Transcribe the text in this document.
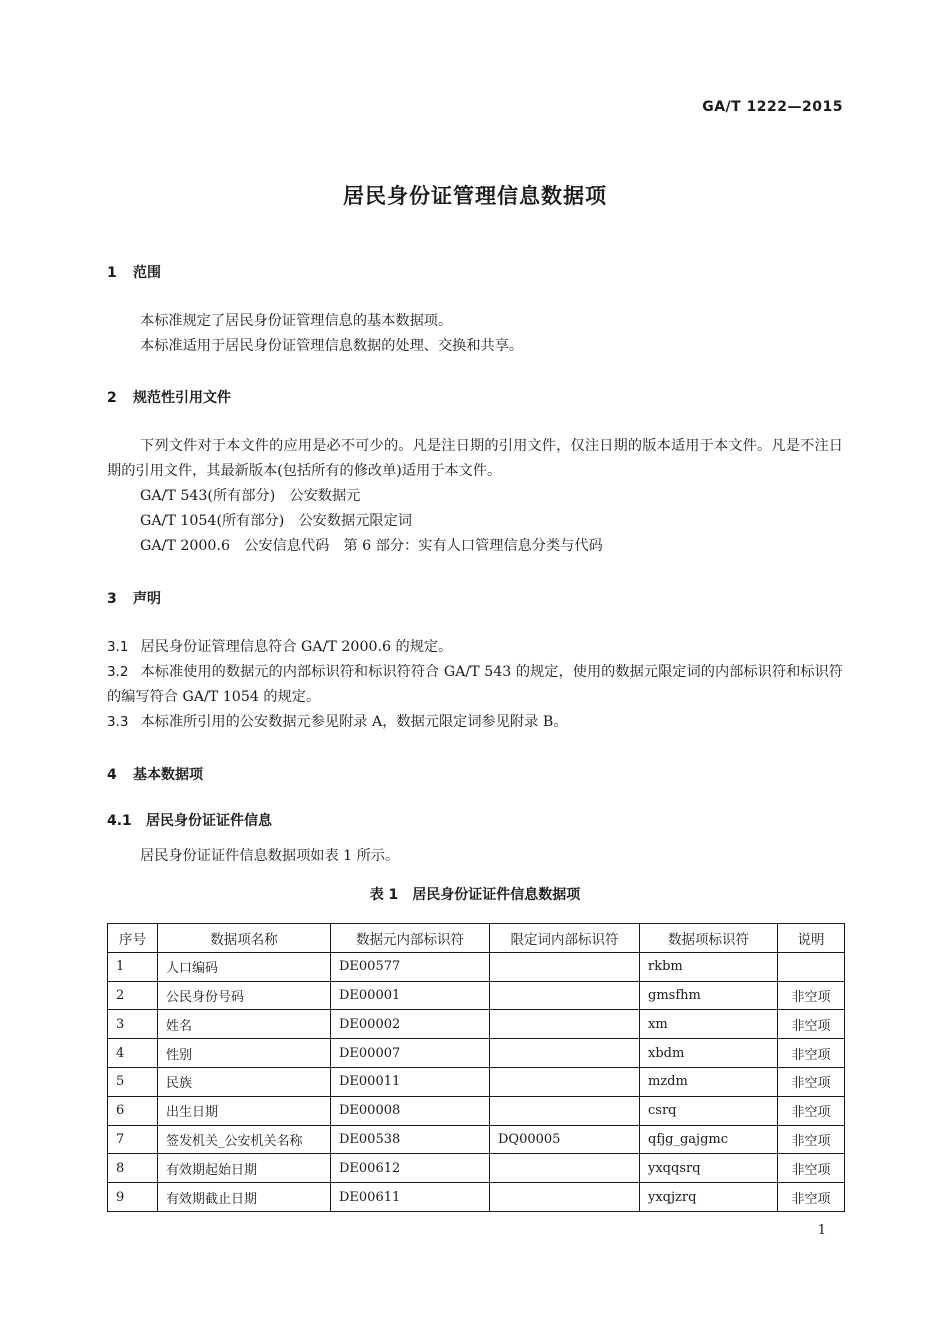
GA/T 1222—2015
居民身份证管理信息数据项
1 范围
本标准规定了居民身份证管理信息的基本数据项。
本标准适用于居民身份证管理信息数据的处理、交换和共享。
2 规范性引用文件
下列文件对于本文件的应用是必不可少的。凡是注日期的引用文件，仅注日期的版本适用于本文件。凡是不注日期的引用文件，其最新版本(包括所有的修改单)适用于本文件。
GA/T 543(所有部分)　公安数据元
GA/T 1054(所有部分)　公安数据元限定词
GA/T 2000.6　公安信息代码　第 6 部分：实有人口管理信息分类与代码
3 声明
3.1 居民身份证管理信息符合 GA/T 2000.6 的规定。
3.2 本标准使用的数据元的内部标识符和标识符符合 GA/T 543 的规定，使用的数据元限定词的内部标识符和标识符的编写符合 GA/T 1054 的规定。
3.3 本标准所引用的公安数据元参见附录 A，数据元限定词参见附录 B。
4 基本数据项
4.1 居民身份证证件信息
居民身份证证件信息数据项如表 1 所示。
表 1 居民身份证证件信息数据项
序号	数据项名称	数据元内部标识符	限定词内部标识符	数据项标识符	说明
1	人口编码	DE00577		rkbm	
2	公民身份号码	DE00001		gmsfhm	非空项
3	姓名	DE00002		xm	非空项
4	性别	DE00007		xbdm	非空项
5	民族	DE00011		mzdm	非空项
6	出生日期	DE00008		csrq	非空项
7	签发机关_公安机关名称	DE00538	DQ00005	qfjg_gajgmc	非空项
8	有效期起始日期	DE00612		yxqqsrq	非空项
9	有效期截止日期	DE00611		yxqjzrq	非空项
1
